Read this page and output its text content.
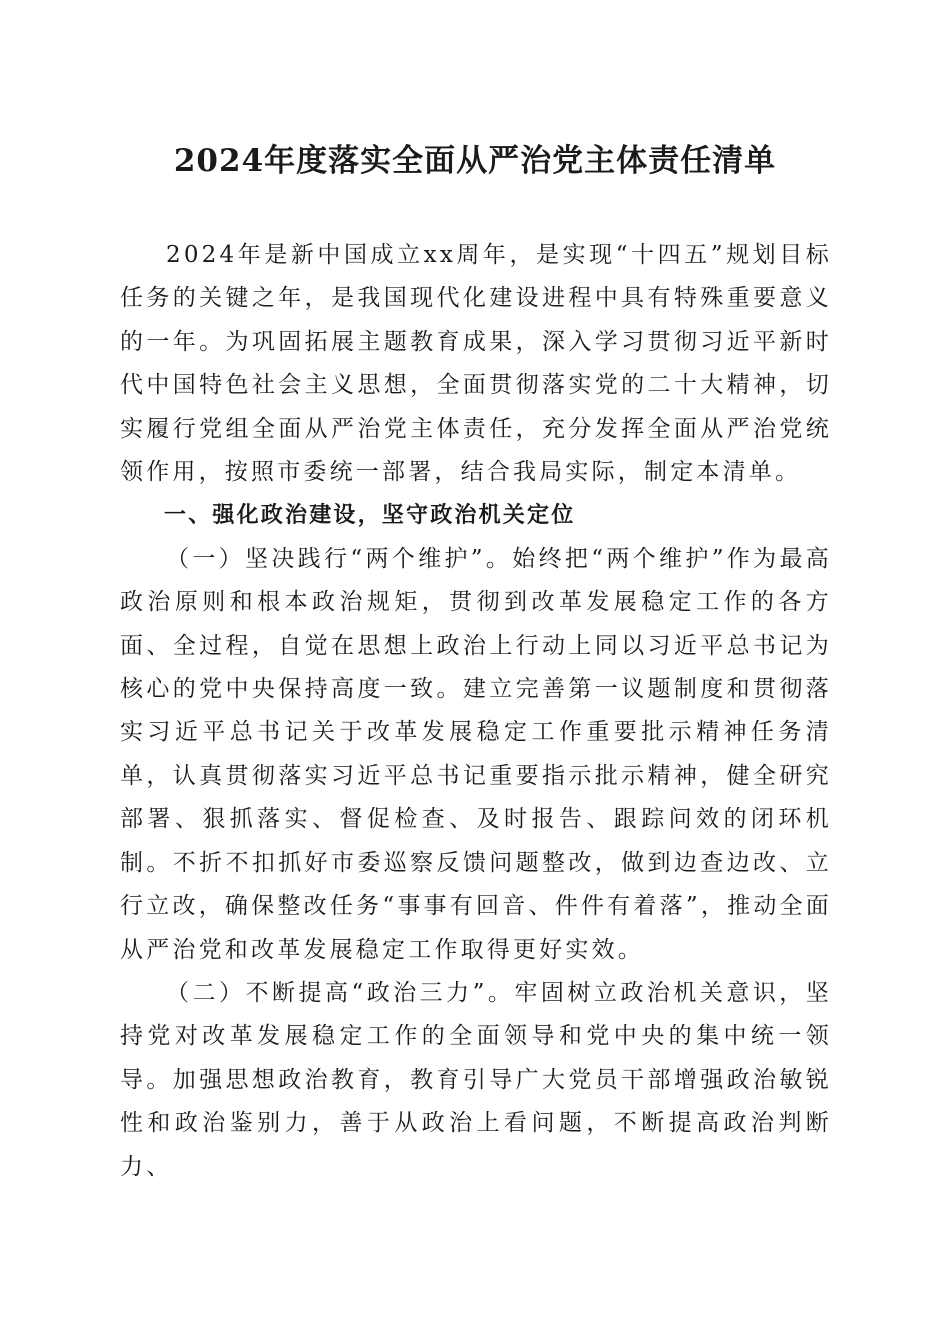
2024年度落实全面从严治党主体责任清单

2024年是新中国成立xx周年，是实现“十四五”规划目标任务的关键之年，是我国现代化建设进程中具有特殊重要意义的一年。为巩固拓展主题教育成果，深入学习贯彻习近平新时代中国特色社会主义思想，全面贯彻落实党的二十大精神，切实履行党组全面从严治党主体责任，充分发挥全面从严治党统领作用，按照市委统一部署，结合我局实际，制定本清单。

一、强化政治建设，坚守政治机关定位

（一）坚决践行“两个维护”。始终把“两个维护”作为最高政治原则和根本政治规矩，贯彻到改革发展稳定工作的各方面、全过程，自觉在思想上政治上行动上同以习近平总书记为核心的党中央保持高度一致。建立完善第一议题制度和贯彻落实习近平总书记关于改革发展稳定工作重要批示精神任务清单，认真贯彻落实习近平总书记重要指示批示精神，健全研究部署、狠抓落实、督促检查、及时报告、跟踪问效的闭环机制。不折不扣抓好市委巡察反馈问题整改，做到边查边改、立行立改，确保整改任务“事事有回音、件件有着落”，推动全面从严治党和改革发展稳定工作取得更好实效。

（二）不断提高“政治三力”。牢固树立政治机关意识，坚持党对改革发展稳定工作的全面领导和党中央的集中统一领导。加强思想政治教育，教育引导广大党员干部增强政治敏锐性和政治鉴别力，善于从政治上看问题，不断提高政治判断力、
